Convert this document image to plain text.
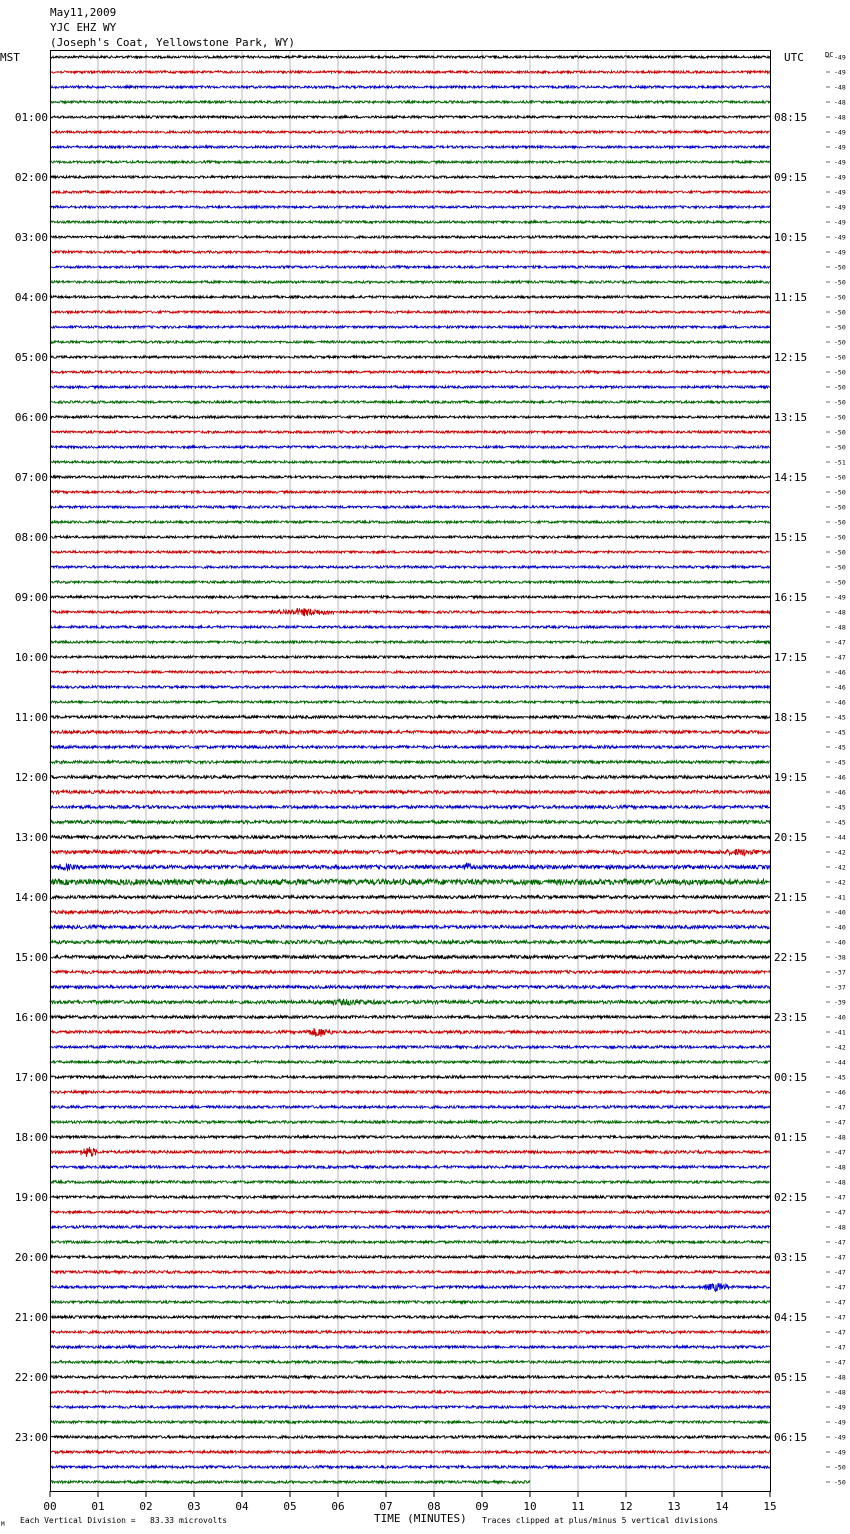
May11,2009
YJC EHZ WY
(Joseph's Coat, Yellowstone Park, WY)
MST	UTC	DC -49
-49
-48
-48
-48
-49
-49
-49
-49
-49
-49
-49
-49
-49
-50
-50
-50
-50
-50
-50
-50
-50
-50
-50
-50
-50
-50
-51
-50
-50
-50
-50
-50
-50
-50
-50
-49
-48
-48
-47
-47
-46
-46
-46
-45
-45
-45
-45
-46
-46
-45
-45
-44
-42
-42
-42
-41
-40
-40
-40
-38
-37
-37
-39
-40
-41
-42
-44
-45
-46
-47
-47
-48
-47
-48
-48
-47
-47
-48
-47
-47
-47
-47
-47
-47
-47
-47
-47
-48
-48
-49
-49
-49
-49
-50
-50
01:00	08:15
02:00	09:15
03:00	10:15
04:00	11:15
05:00	12:15
06:00	13:15
07:00	14:15
08:00	15:15
09:00	16:15
10:00	17:15
11:00	18:15
12:00	19:15
13:00	20:15
14:00	21:15
15:00	22:15
16:00	23:15
17:00	00:15
18:00	01:15
19:00	02:15
20:00	03:15
21:00	04:15
22:00	05:15
23:00	06:15
00	01	02	03	04	05	06	07	08	09	10	11	12	13	14	15
M Each Vertical Division =   83.33 microvolts	TIME (MINUTES) Traces clipped at plus/minus 5 vertical divisions
